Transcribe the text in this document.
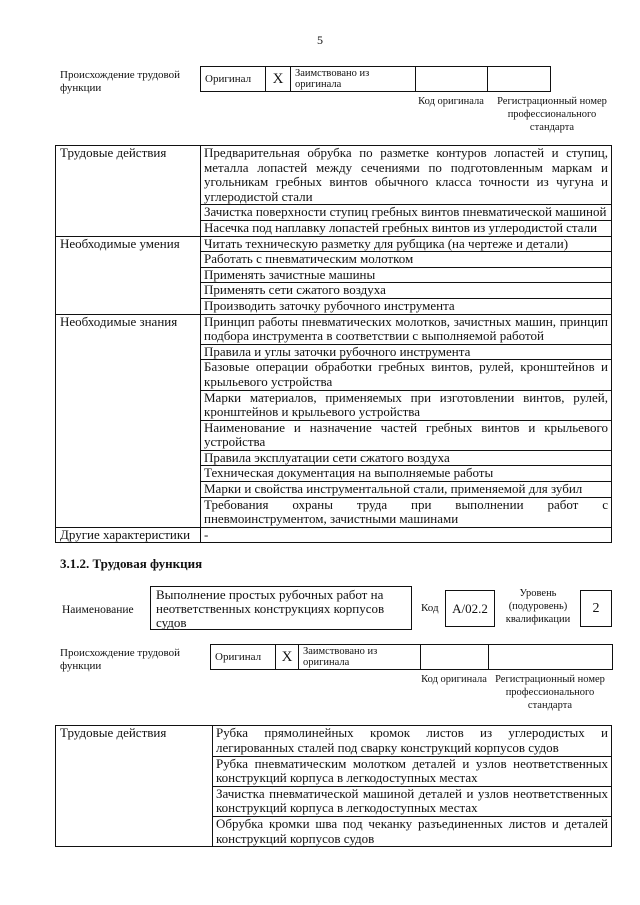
5
Происхождение трудовой функции
Оригинал	X	Заимствовано из оригинала		
Код оригинала	Регистрационный номер профессионального стандарта
Трудовые действия	Предварительная обрубка по разметке контуров лопастей и ступиц, металла лопастей между сечениями по подготовленным маркам и угольникам гребных винтов обычного класса точности из чугуна и углеродистой стали
	Зачистка поверхности ступиц гребных винтов пневматической машиной
	Насечка под наплавку лопастей гребных винтов из углеродистой стали
Необходимые умения	Читать техническую разметку для рубщика (на чертеже и детали)
	Работать с пневматическим молотком
	Применять зачистные машины
	Применять сети сжатого воздуха
	Производить заточку рубочного инструмента
Необходимые знания	Принцип работы пневматических молотков, зачистных машин, принцип подбора инструмента в соответствии с выполняемой работой
	Правила и углы заточки рубочного инструмента
	Базовые операции обработки гребных винтов, рулей, кронштейнов и крыльевого устройства
	Марки материалов, применяемых при изготовлении винтов, рулей, кронштейнов и крыльевого устройства
	Наименование и назначение частей гребных винтов и крыльевого устройства
	Правила эксплуатации сети сжатого воздуха
	Техническая документация на выполняемые работы
	Марки и свойства инструментальной стали, применяемой для зубил
	Требования охраны труда при выполнении работ с пневмоинструментом, зачистными машинами
Другие характеристики	-
3.1.2. Трудовая функция
Наименование
Выполнение простых рубочных работ на неответственных конструкциях корпусов судов
Код	A/02.2
Уровень (подуровень) квалификации
2
Происхождение трудовой функции
Оригинал	X	Заимствовано из оригинала		
Код оригинала Регистрационный номер профессионального стандарта
Трудовые действия	Рубка прямолинейных кромок листов из углеродистых и легированных сталей под сварку конструкций корпусов судов
Рубка пневматическим молотком деталей и узлов неответственных конструкций корпуса в легкодоступных местах
Зачистка пневматической машиной деталей и узлов неответственных конструкций корпуса в легкодоступных местах
Обрубка кромки шва под чеканку разъединенных листов и деталей конструкций корпусов судов
